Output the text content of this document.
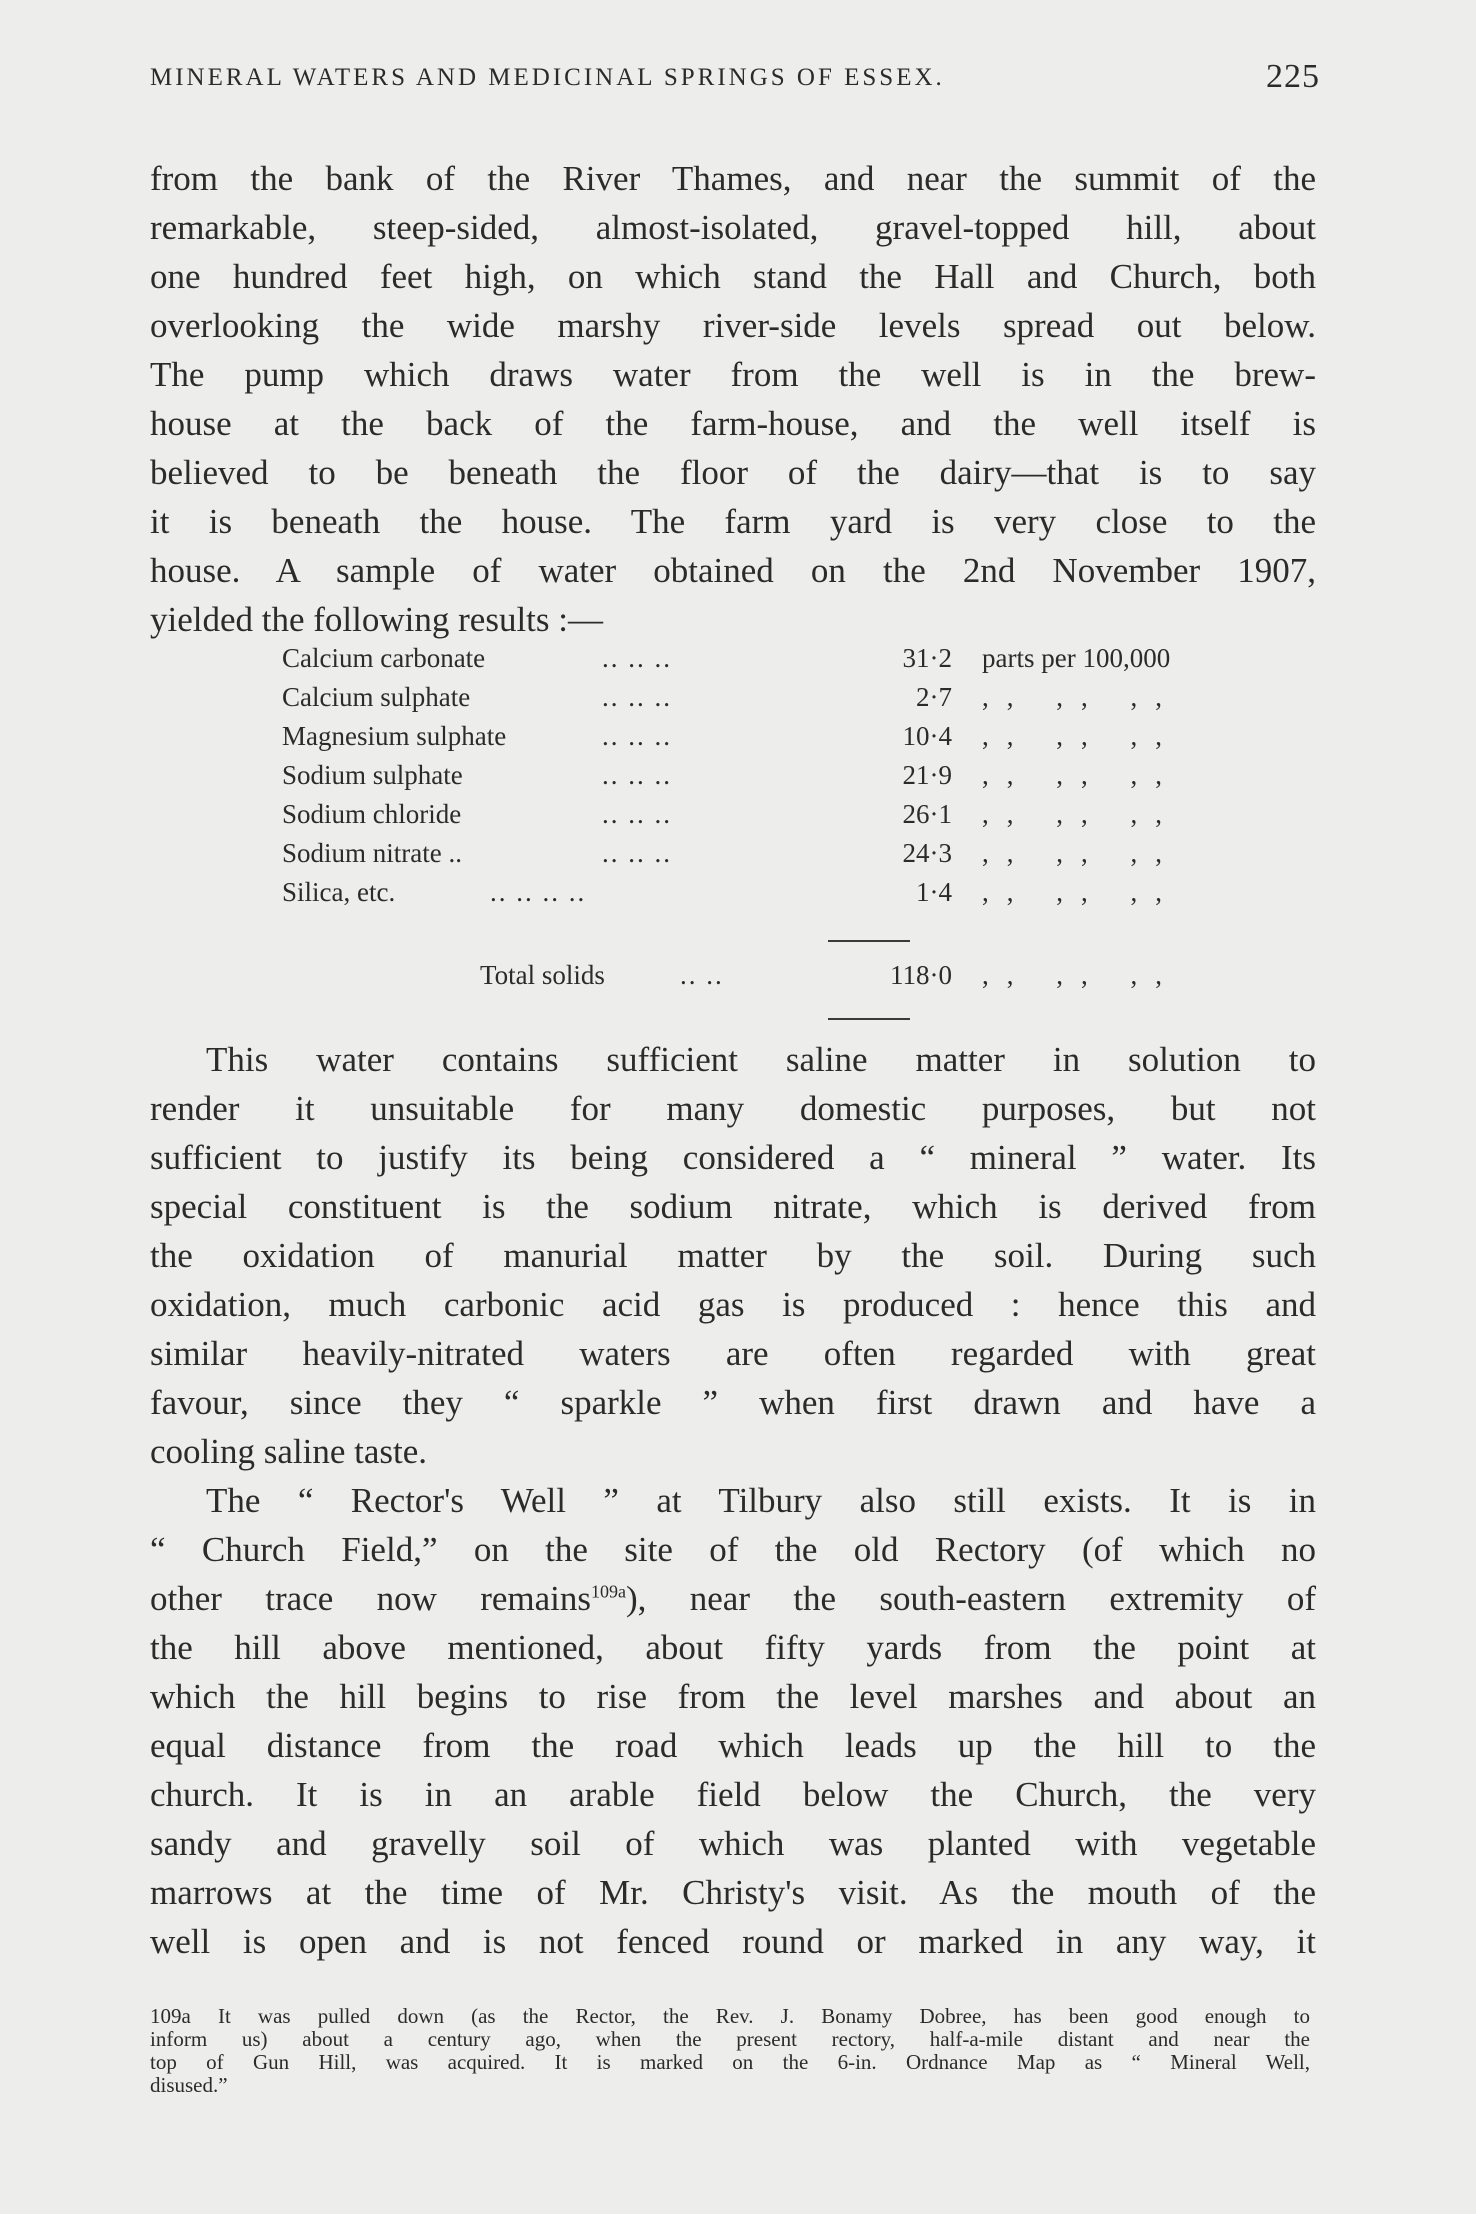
MINERAL WATERS AND MEDICINAL SPRINGS OF ESSEX.	225
from the bank of the River Thames, and near the summit of the
remarkable, steep-sided, almost-isolated, gravel-topped hill, about
one hundred feet high, on which stand the Hall and Church, both
overlooking the wide marshy river-side levels spread out below.
The pump which draws water from the well is in the brew-
house at the back of the farm-house, and the well itself is
believed to be beneath the floor of the dairy—that is to say
it is beneath the house. The farm yard is very close to the
house. A sample of water obtained on the 2nd November 1907,
yielded the following results :—
Calcium carbonate	.. .. ..	31·2 parts per 100,000
Calcium sulphate	.. .. ..	2·7 ,, ,, ,,
Magnesium sulphate	.. .. ..	10·4 ,, ,, ,,
Sodium sulphate	.. .. ..	21·9 ,, ,, ,,
Sodium chloride	.. .. ..	26·1 ,, ,, ,,
Sodium nitrate ..	.. .. ..	24·3 ,, ,, ,,
Silica, etc.	.. .. .. ..	1·4 ,, ,, ,,
Total solids	.. ..	118·0 ,, ,, ,,
This water contains sufficient saline matter in solution to
render it unsuitable for many domestic purposes, but not
sufficient to justify its being considered a “ mineral ” water. Its
special constituent is the sodium nitrate, which is derived from
the oxidation of manurial matter by the soil. During such
oxidation, much carbonic acid gas is produced : hence this and
similar heavily-nitrated waters are often regarded with great
favour, since they “ sparkle ” when first drawn and have a
cooling saline taste.
The “ Rector's Well ” at Tilbury also still exists. It is in
“ Church Field,” on the site of the old Rectory (of which no
other trace now remains$^{109a}$), near the south-eastern extremity of
the hill above mentioned, about fifty yards from the point at
which the hill begins to rise from the level marshes and about an
equal distance from the road which leads up the hill to the
church. It is in an arable field below the Church, the very
sandy and gravelly soil of which was planted with vegetable
marrows at the time of Mr. Christy's visit. As the mouth of the
well is open and is not fenced round or marked in any way, it
109a It was pulled down (as the Rector, the Rev. J. Bonamy Dobree, has been good enough to
inform us) about a century ago, when the present rectory, half-a-mile distant and near the
top of Gun Hill, was acquired. It is marked on the 6-in. Ordnance Map as “ Mineral Well,
disused.”
